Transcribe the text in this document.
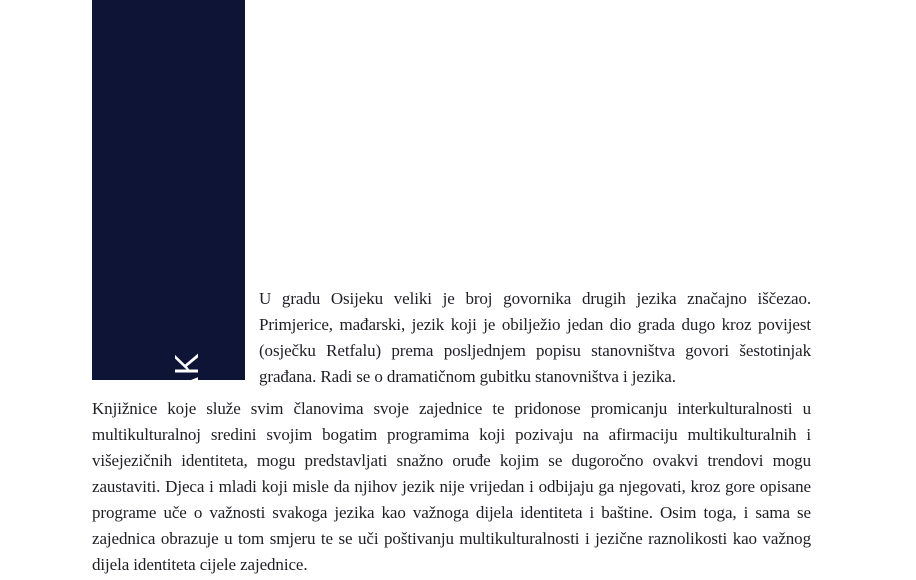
ZAKLJUČAK

U gradu Osijeku veliki je broj govornika drugih jezika značajno iščezao. Primjerice, mađarski, jezik koji je obilježio jedan dio grada dugo kroz povijest (osječku Retfalu) prema posljednjem popisu stanovništva govori šestotinjak građana. Radi se o dramatičnom gubitku stanovništva i jezika.

Knjižnice koje služe svim članovima svoje zajednice te pridonose promicanju interkulturalnosti u multikulturalnoj sredini svojim bogatim programima koji pozivaju na afirmaciju multikulturalnih i višejezičnih identiteta, mogu predstavljati snažno oruđe kojim se dugoročno ovakvi trendovi mogu zaustaviti. Djeca i mladi koji misle da njihov jezik nije vrijedan i odbijaju ga njegovati, kroz gore opisane programe uče o važnosti svakoga jezika kao važnoga dijela identiteta i baštine. Osim toga, i sama se zajednica obrazuje u tom smjeru te se uči poštivanju multikulturalnosti i jezične raznolikosti kao važnog dijela identiteta cijele zajednice.
